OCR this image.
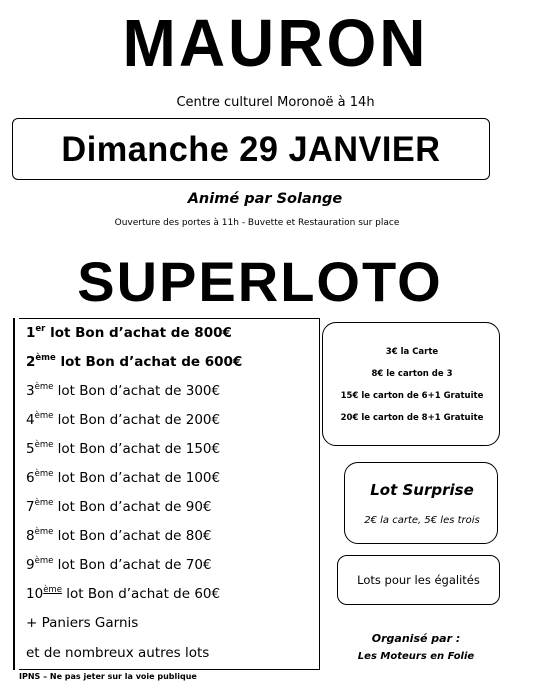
MAURON
Centre culturel Moronoë à 14h
Dimanche 29 JANVIER
Animé par Solange
Ouverture des portes à 11h - Buvette et Restauration sur place
SUPERLOTO
1er lot Bon d’achat de 800€
2ème lot Bon d’achat de 600€
3ème lot Bon d’achat de 300€
4ème lot Bon d’achat de 200€
5ème lot Bon d’achat de 150€
6ème lot Bon d’achat de 100€
7ème lot Bon d’achat de 90€
8ème lot Bon d’achat de 80€
9ème lot Bon d’achat de 70€
10ème lot Bon d’achat de 60€
+ Paniers Garnis
et de nombreux autres lots
3€ la Carte
8€ le carton de 3
15€ le carton de 6+1 Gratuite
20€ le carton de 8+1 Gratuite
Lot Surprise
2€ la carte, 5€ les trois
Lots pour les égalités
Organisé par :
Les Moteurs en Folie
IPNS – Ne pas jeter sur la voie publique
